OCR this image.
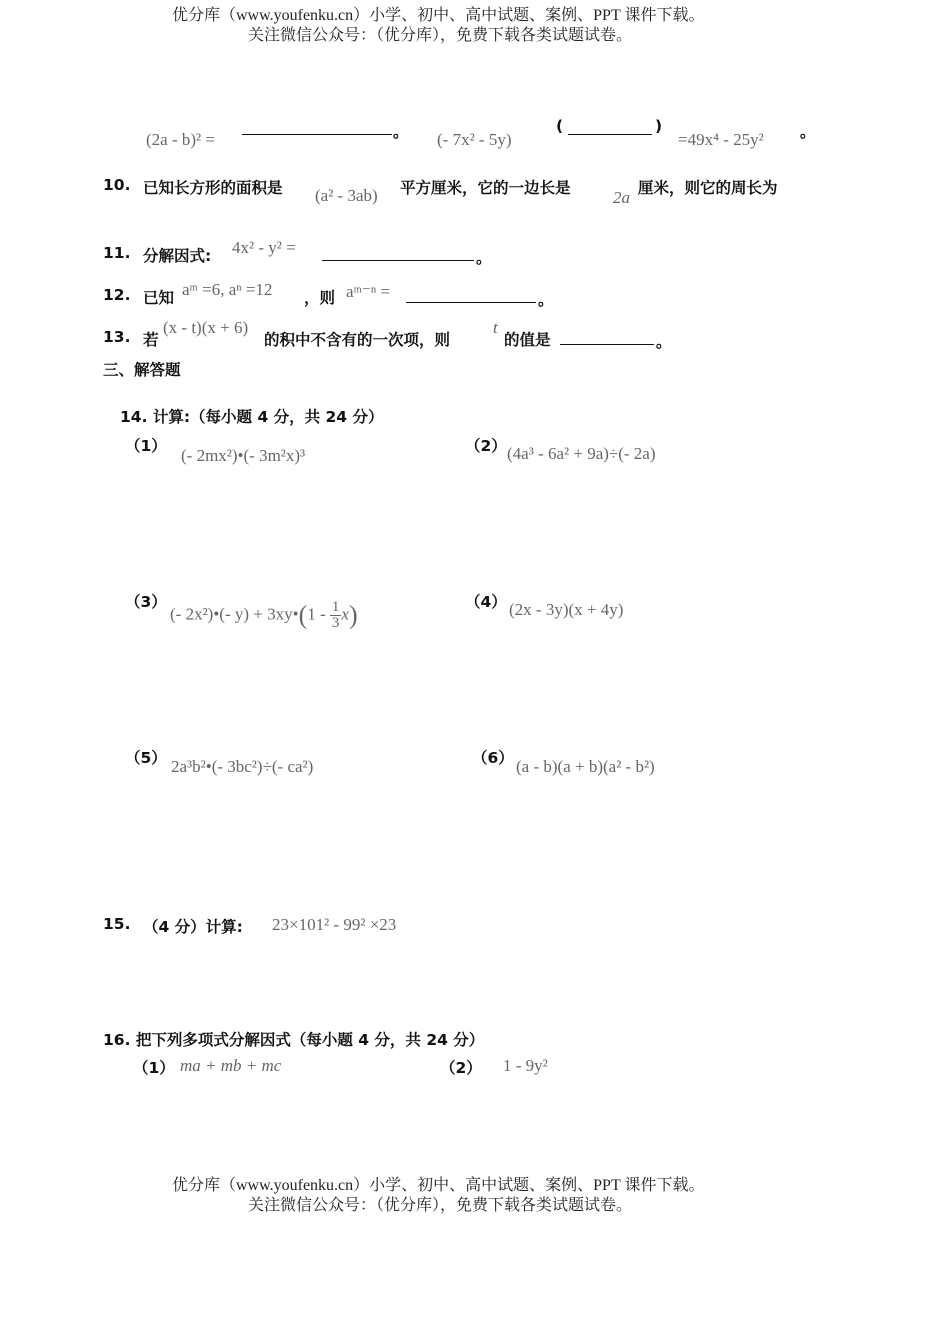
优分库（www.youfenku.cn）小学、初中、高中试题、案例、PPT 课件下载。
关注微信公众号：（优分库），免费下载各类试题试卷。
(2a - b)² =	。 (- 7x² - 5y)
(	)
=49x⁴ - 25y² 。
10. 已知长方形的面积是 (a² - 3ab) 平方厘米，它的一边长是 2a 厘米，则它的周长为
11. 分解因式: 4x² - y² =
。
12. 已知 aᵐ =6, aⁿ =12 ，则 aᵐ⁻ⁿ =	。
13. 若
(x - t)(x + 6)
的积中不含有的一次项，则
t
的值是	。
三、解答题
14. 计算:（每小题 4 分，共 24 分）
（1） (- 2mx²)•(- 3m²x)³	（2） (4a³ - 6a² + 9a)÷(- 2a)
（3）
(- 2x²)•(- y) + 3xy•(1 - $\frac{1}{3} x$)	（4） (2x - 3y)(x + 4y)
（5） 2a³b²•(- 3bc²)÷(- ca²)	（6） (a - b)(a + b)(a² - b²)
15. （4 分）计算: 23×101² - 99² ×23
16. 把下列多项式分解因式（每小题 4 分，共 24 分）
（1） ma + mb + mc	（2） 1 - 9y²
优分库（www.youfenku.cn）小学、初中、高中试题、案例、PPT 课件下载。
关注微信公众号：（优分库），免费下载各类试题试卷。
